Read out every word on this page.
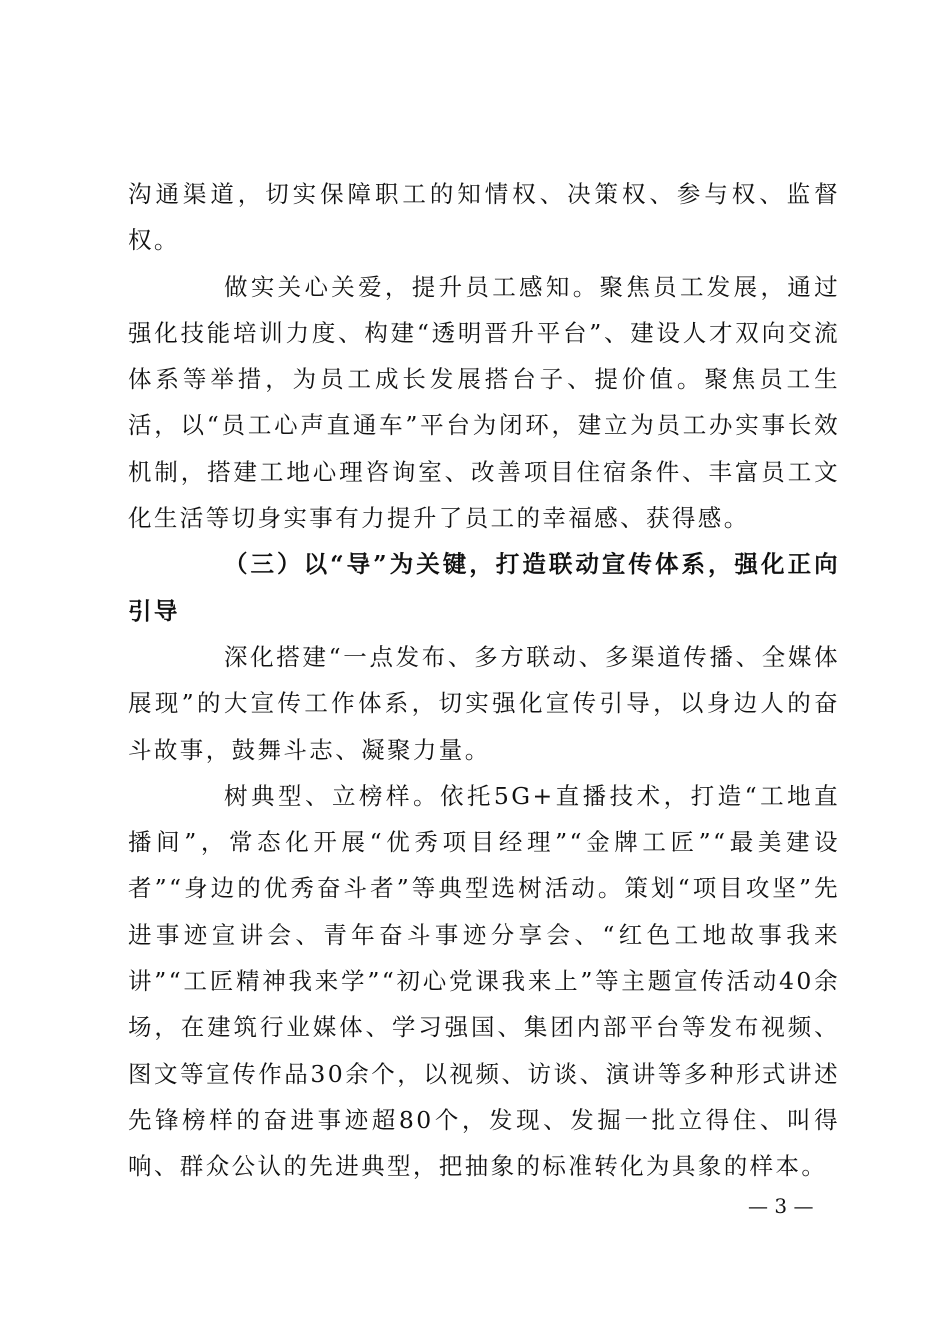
沟通渠道，切实保障职工的知情权、决策权、参与权、监督权。

做实关心关爱，提升员工感知。聚焦员工发展，通过强化技能培训力度、构建“透明晋升平台”、建设人才双向交流体系等举措，为员工成长发展搭台子、提价值。聚焦员工生活，以“员工心声直通车”平台为闭环，建立为员工办实事长效机制，搭建工地心理咨询室、改善项目住宿条件、丰富员工文化生活等切身实事有力提升了员工的幸福感、获得感。

（三）以“导”为关键，打造联动宣传体系，强化正向引导

深化搭建“一点发布、多方联动、多渠道传播、全媒体展现”的大宣传工作体系，切实强化宣传引导，以身边人的奋斗故事，鼓舞斗志、凝聚力量。

树典型、立榜样。依托5G+直播技术，打造“工地直播间”，常态化开展“优秀项目经理”“金牌工匠”“最美建设者”“身边的优秀奋斗者”等典型选树活动。策划“项目攻坚”先进事迹宣讲会、青年奋斗事迹分享会、“红色工地故事我来讲”“工匠精神我来学”“初心党课我来上”等主题宣传活动40余场，在建筑行业媒体、学习强国、集团内部平台等发布视频、图文等宣传作品30余个，以视频、访谈、演讲等多种形式讲述先锋榜样的奋进事迹超80个，发现、发掘一批立得住、叫得响、群众公认的先进典型，把抽象的标准转化为具象的样本。

— 3 —
